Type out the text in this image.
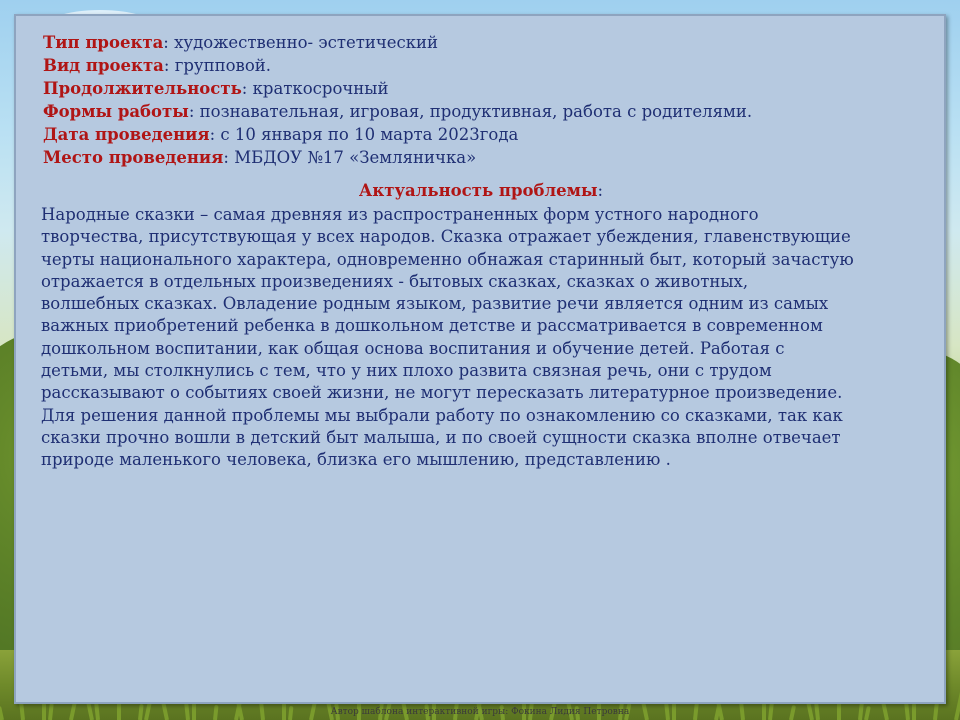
Тип проекта: художественно- эстетический
Вид проекта: групповой.
Продолжительность: краткосрочный
Формы работы: познавательная, игровая, продуктивная, работа с родителями.
Дата проведения: с 10 января по 10 марта 2023года
Место проведения: МБДОУ №17 «Земляничка»
Актуальность проблемы:
Народные сказки – самая древняя из распространенных форм устного народного
творчества, присутствующая у всех народов. Сказка отражает убеждения, главенствующие
черты национального характера, одновременно обнажая старинный быт, который зачастую
отражается в отдельных произведениях - бытовых сказках, сказках о животных,
волшебных сказках. Овладение родным языком, развитие речи является одним из самых
важных приобретений ребенка в дошкольном детстве и рассматривается в современном
дошкольном воспитании, как общая основа воспитания и обучение детей. Работая с
детьми, мы столкнулись с тем, что у них плохо развита связная речь, они с трудом
рассказывают о событиях своей жизни, не могут пересказать литературное произведение.
Для решения данной проблемы мы выбрали работу по ознакомлению со сказками, так как
сказки прочно вошли в детский быт малыша, и по своей сущности сказка вполне отвечает
природе маленького человека, близка его мышлению, представлению .
Автор шаблона интерактивной игры: Фокина Лидия Петровна
